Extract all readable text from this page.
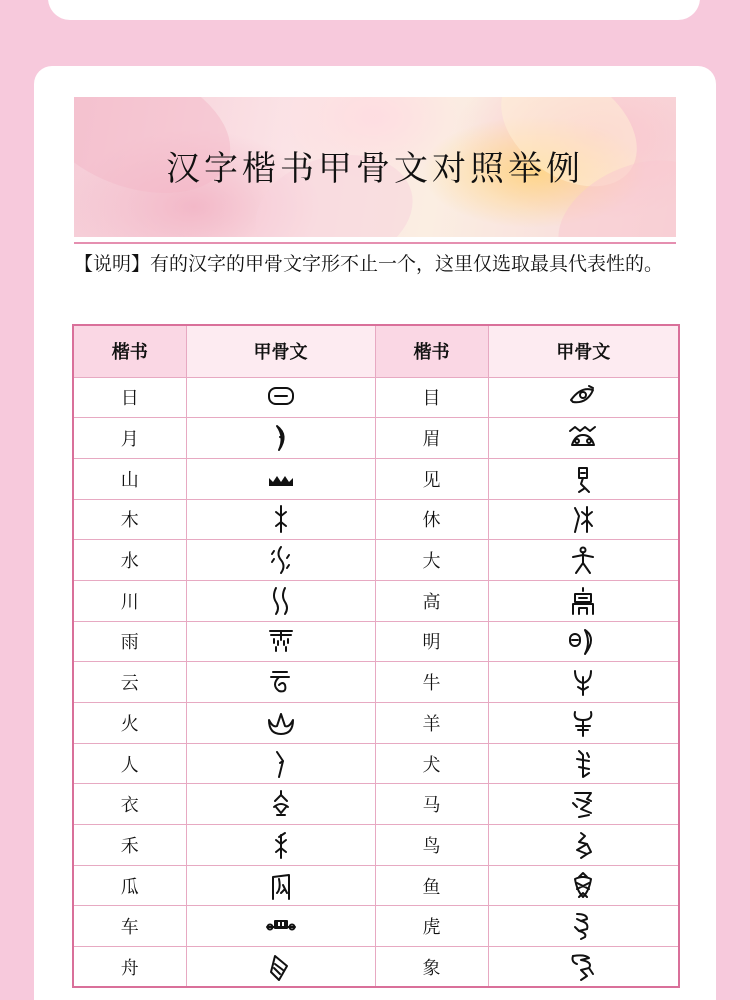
汉字楷书甲骨文对照举例
【说明】有的汉字的甲骨文字形不止一个，这里仅选取最具代表性的。
楷书	甲骨文	楷书	甲骨文
日		目	

月		眉	

山		见	

木		休	

水		大	

川		高	

雨		明	

云		牛	

火		羊	

人		犬	

衣		马	

禾		鸟	

瓜		鱼	

车		虎	

舟		象	
